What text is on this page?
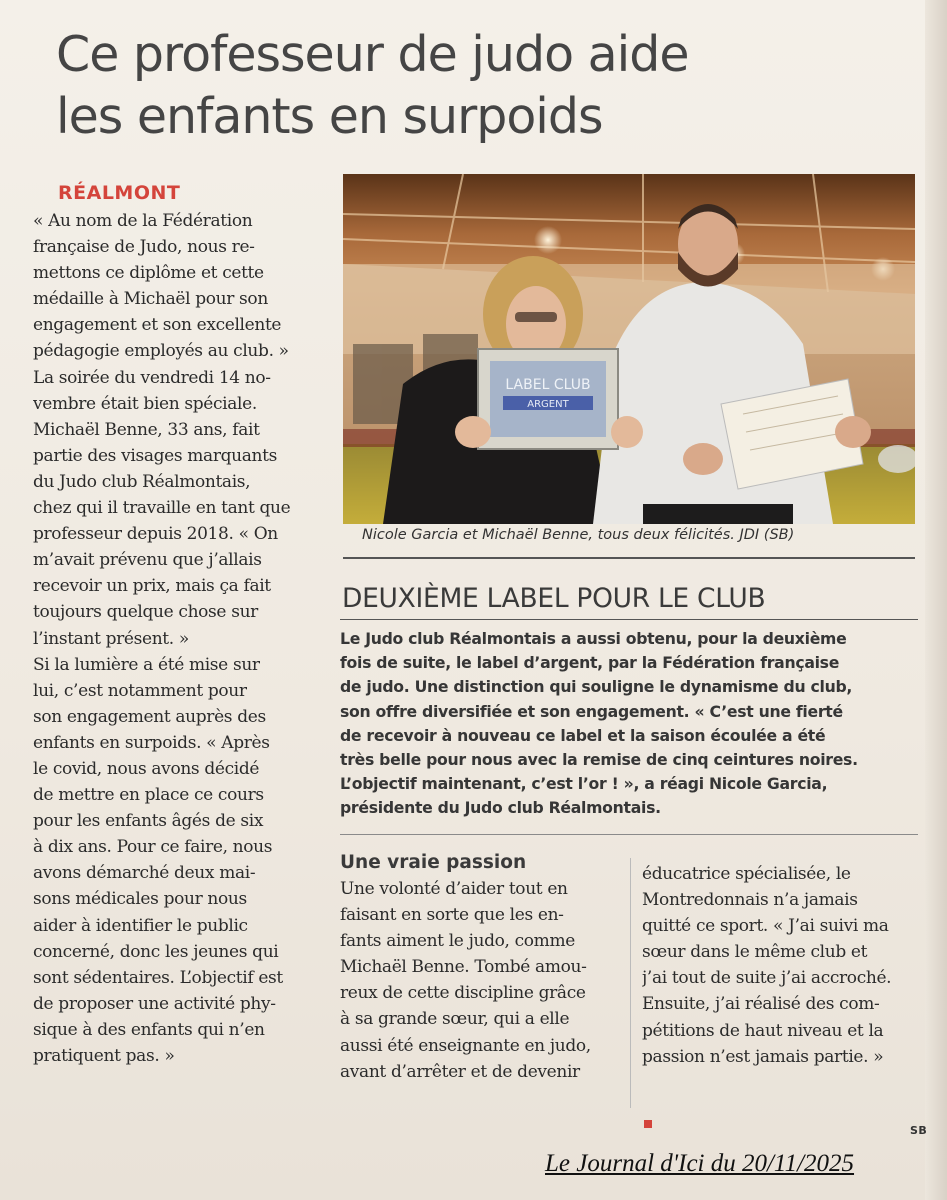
Ce professeur de judo aide
les enfants en surpoids
RÉALMONT
« Au nom de la Fédération
française de Judo, nous re-
mettons ce diplôme et cette
médaille à Michaël pour son
engagement et son excellente
pédagogie employés au club. »
La soirée du vendredi 14 no-
vembre était bien spéciale.
Michaël Benne, 33 ans, fait
partie des visages marquants
du Judo club Réalmontais,
chez qui il travaille en tant que
professeur depuis 2018. « On
m’avait prévenu que j’allais
recevoir un prix, mais ça fait
toujours quelque chose sur
l’instant présent. »
Si la lumière a été mise sur
lui, c’est notamment pour
son engagement auprès des
enfants en surpoids. « Après
le covid, nous avons décidé
de mettre en place ce cours
pour les enfants âgés de six
à dix ans. Pour ce faire, nous
avons démarché deux mai-
sons médicales pour nous
aider à identifier le public
concerné, donc les jeunes qui
sont sédentaires. L’objectif est
de proposer une activité phy-
sique à des enfants qui n’en
pratiquent pas. »
LABEL CLUB
ARGENT
Nicole Garcia et Michaël Benne, tous deux félicités. JDI (SB)
DEUXIÈME LABEL POUR LE CLUB
Le Judo club Réalmontais a aussi obtenu, pour la deuxième
fois de suite, le label d’argent, par la Fédération française
de judo. Une distinction qui souligne le dynamisme du club,
son offre diversifiée et son engagement. « C’est une fierté
de recevoir à nouveau ce label et la saison écoulée a été
très belle pour nous avec la remise de cinq ceintures noires.
L’objectif maintenant, c’est l’or ! », a réagi Nicole Garcia,
présidente du Judo club Réalmontais.
Une vraie passion
Une volonté d’aider tout en
faisant en sorte que les en-
fants aiment le judo, comme
Michaël Benne. Tombé amou-
reux de cette discipline grâce
à sa grande sœur, qui a elle
aussi été enseignante en judo,
avant d’arrêter et de devenir
éducatrice spécialisée, le
Montredonnais n’a jamais
quitté ce sport. « J’ai suivi ma
sœur dans le même club et
j’ai tout de suite j’ai accroché.
Ensuite, j’ai réalisé des com-
pétitions de haut niveau et la
passion n’est jamais partie. »
SB
Le Journal d'Ici du 20/11/2025
